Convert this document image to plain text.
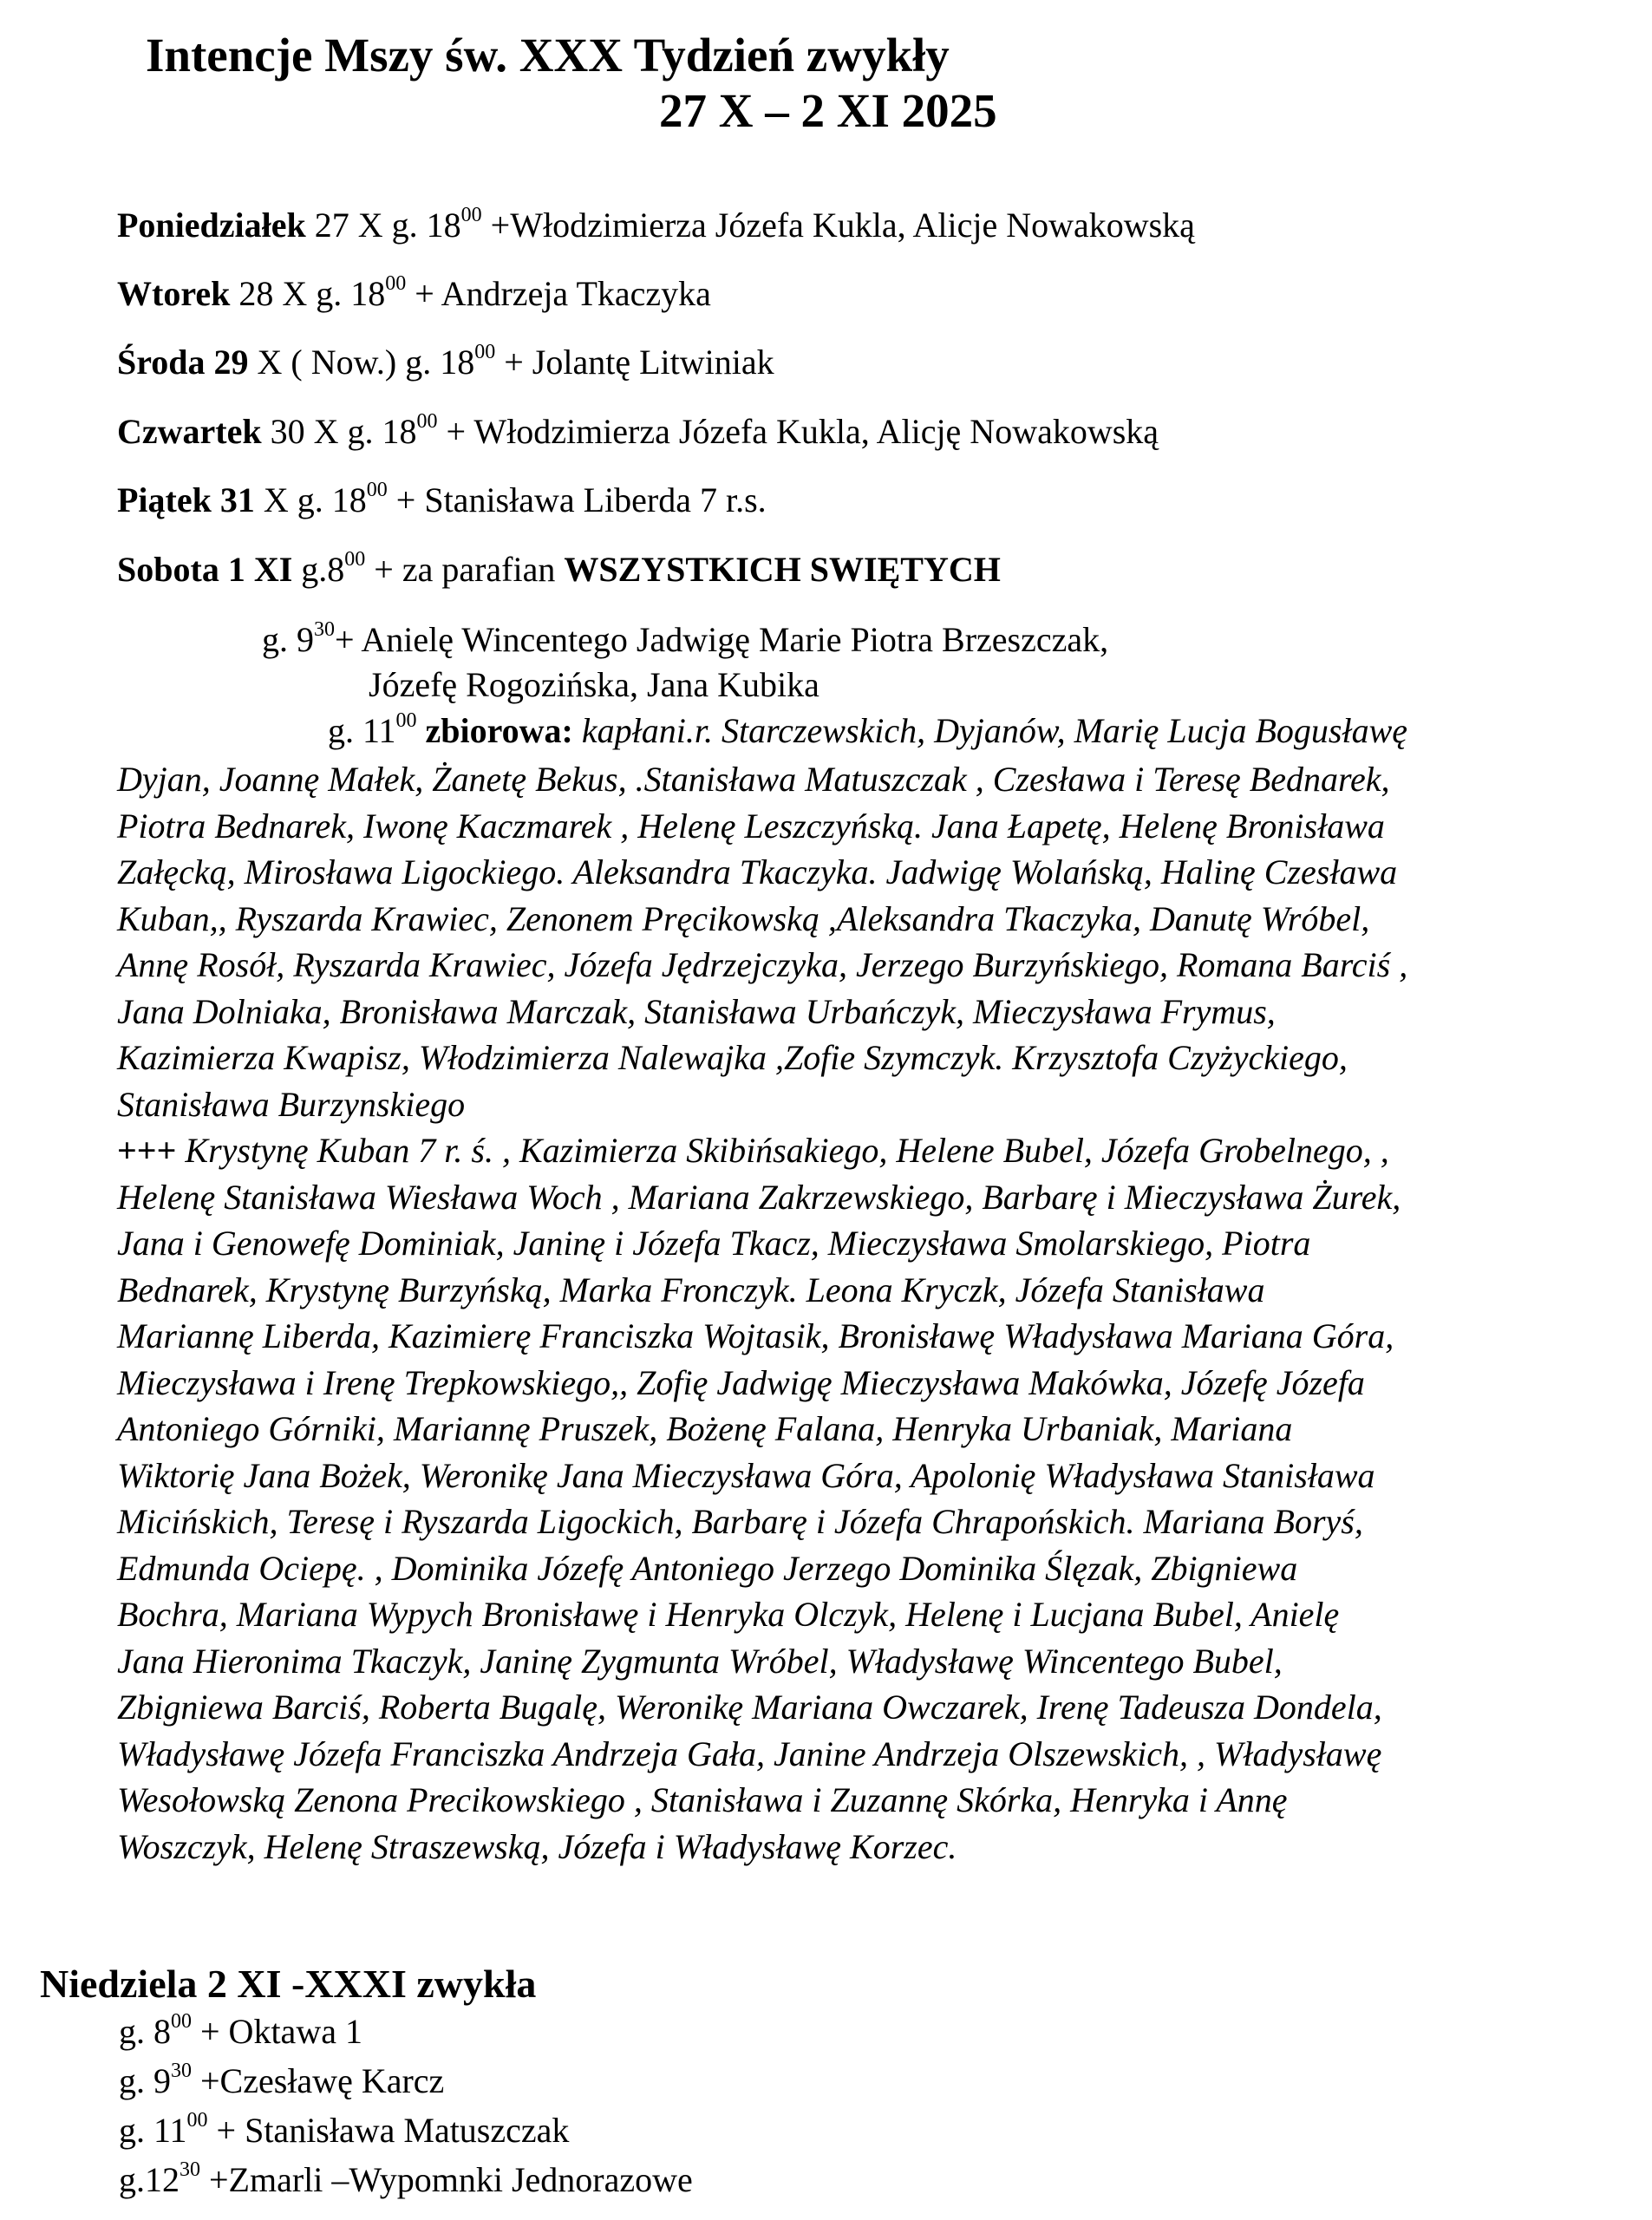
Intencje Mszy św. XXX Tydzień zwykły
27 X – 2 XI 2025
Poniedziałek 27 X g. $18^{00}$ +Włodzimierza Józefa Kukla, Alicje Nowakowską
Wtorek 28 X g. $18^{00}$ + Andrzeja Tkaczyka
Środa 29 X ( Now.) g. $18^{00}$ + Jolantę Litwiniak
Czwartek 30 X g. $18^{00}$ + Włodzimierza Józefa Kukla, Alicję Nowakowską
Piątek 31 X g. $18^{00}$ + Stanisława Liberda 7 r.s.
Sobota 1 XI $g.8^{00}$ + za parafian WSZYSTKICH SWIĘTYCH
g. $9^{30}+$ Anielę Wincentego Jadwigę Marie Piotra Brzeszczak,
Józefę Rogozińska, Jana Kubika
g. $11^{00}$ zbiorowa: kapłani.r. Starczewskich, Dyjanów, Marię Lucja Bogusławę
Dyjan, Joannę Małek, Żanetę Bekus, .Stanisława Matuszczak , Czesława i Teresę Bednarek,
Piotra Bednarek, Iwonę Kaczmarek , Helenę Leszczyńską. Jana Łapetę, Helenę Bronisława
Załęcką, Mirosława Ligockiego. Aleksandra Tkaczyka. Jadwigę Wolańską, Halinę Czesława
Kuban,, Ryszarda Krawiec, Zenonem Pręcikowską ,Aleksandra Tkaczyka, Danutę Wróbel,
Annę Rosół, Ryszarda Krawiec, Józefa Jędrzejczyka, Jerzego Burzyńskiego, Romana Barciś ,
Jana Dolniaka, Bronisława Marczak, Stanisława Urbańczyk, Mieczysława Frymus,
Kazimierza Kwapisz, Włodzimierza Nalewajka ,Zofie Szymczyk. Krzysztofa Czyżyckiego,
Stanisława Burzynskiego
+++ Krystynę Kuban 7 r. ś. , Kazimierza Skibińsakiego, Helene Bubel, Józefa Grobelnego, ,
Helenę Stanisława Wiesława Woch , Mariana Zakrzewskiego, Barbarę i Mieczysława Żurek,
Jana i Genowefę Dominiak, Janinę i Józefa Tkacz, Mieczysława Smolarskiego, Piotra
Bednarek, Krystynę Burzyńską, Marka Fronczyk. Leona Kryczk, Józefa Stanisława
Mariannę Liberda, Kazimierę Franciszka Wojtasik, Bronisławę Władysława Mariana Góra,
Mieczysława i Irenę Trepkowskiego,, Zofię Jadwigę Mieczysława Makówka, Józefę Józefa
Antoniego Górniki, Mariannę Pruszek, Bożenę Falana, Henryka Urbaniak, Mariana
Wiktorię Jana Bożek, Weronikę Jana Mieczysława Góra, Apolonię Władysława Stanisława
Micińskich, Teresę i Ryszarda Ligockich, Barbarę i Józefa Chrapońskich. Mariana Boryś,
Edmunda Ociepę. , Dominika Józefę Antoniego Jerzego Dominika Ślęzak, Zbigniewa
Bochra, Mariana Wypych Bronisławę i Henryka Olczyk, Helenę i Lucjana Bubel, Anielę
Jana Hieronima Tkaczyk, Janinę Zygmunta Wróbel, Władysławę Wincentego Bubel,
Zbigniewa Barciś, Roberta Bugalę, Weronikę Mariana Owczarek, Irenę Tadeusza Dondela,
Władysławę Józefa Franciszka Andrzeja Gała, Janine Andrzeja Olszewskich, , Władysławę
Wesołowską Zenona Precikowskiego , Stanisława i Zuzannę Skórka, Henryka i Annę
Woszczyk, Helenę Straszewską, Józefa i Władysławę Korzec.
Niedziela 2 XI -XXXI zwykła
g. $8^{00}$ + Oktawa 1
g. $9^{30}$ +Czesławę Karcz
g. $11^{00}$ + Stanisława Matuszczak
$g.12^{30}$ +Zmarli –Wypomnki Jednorazowe
